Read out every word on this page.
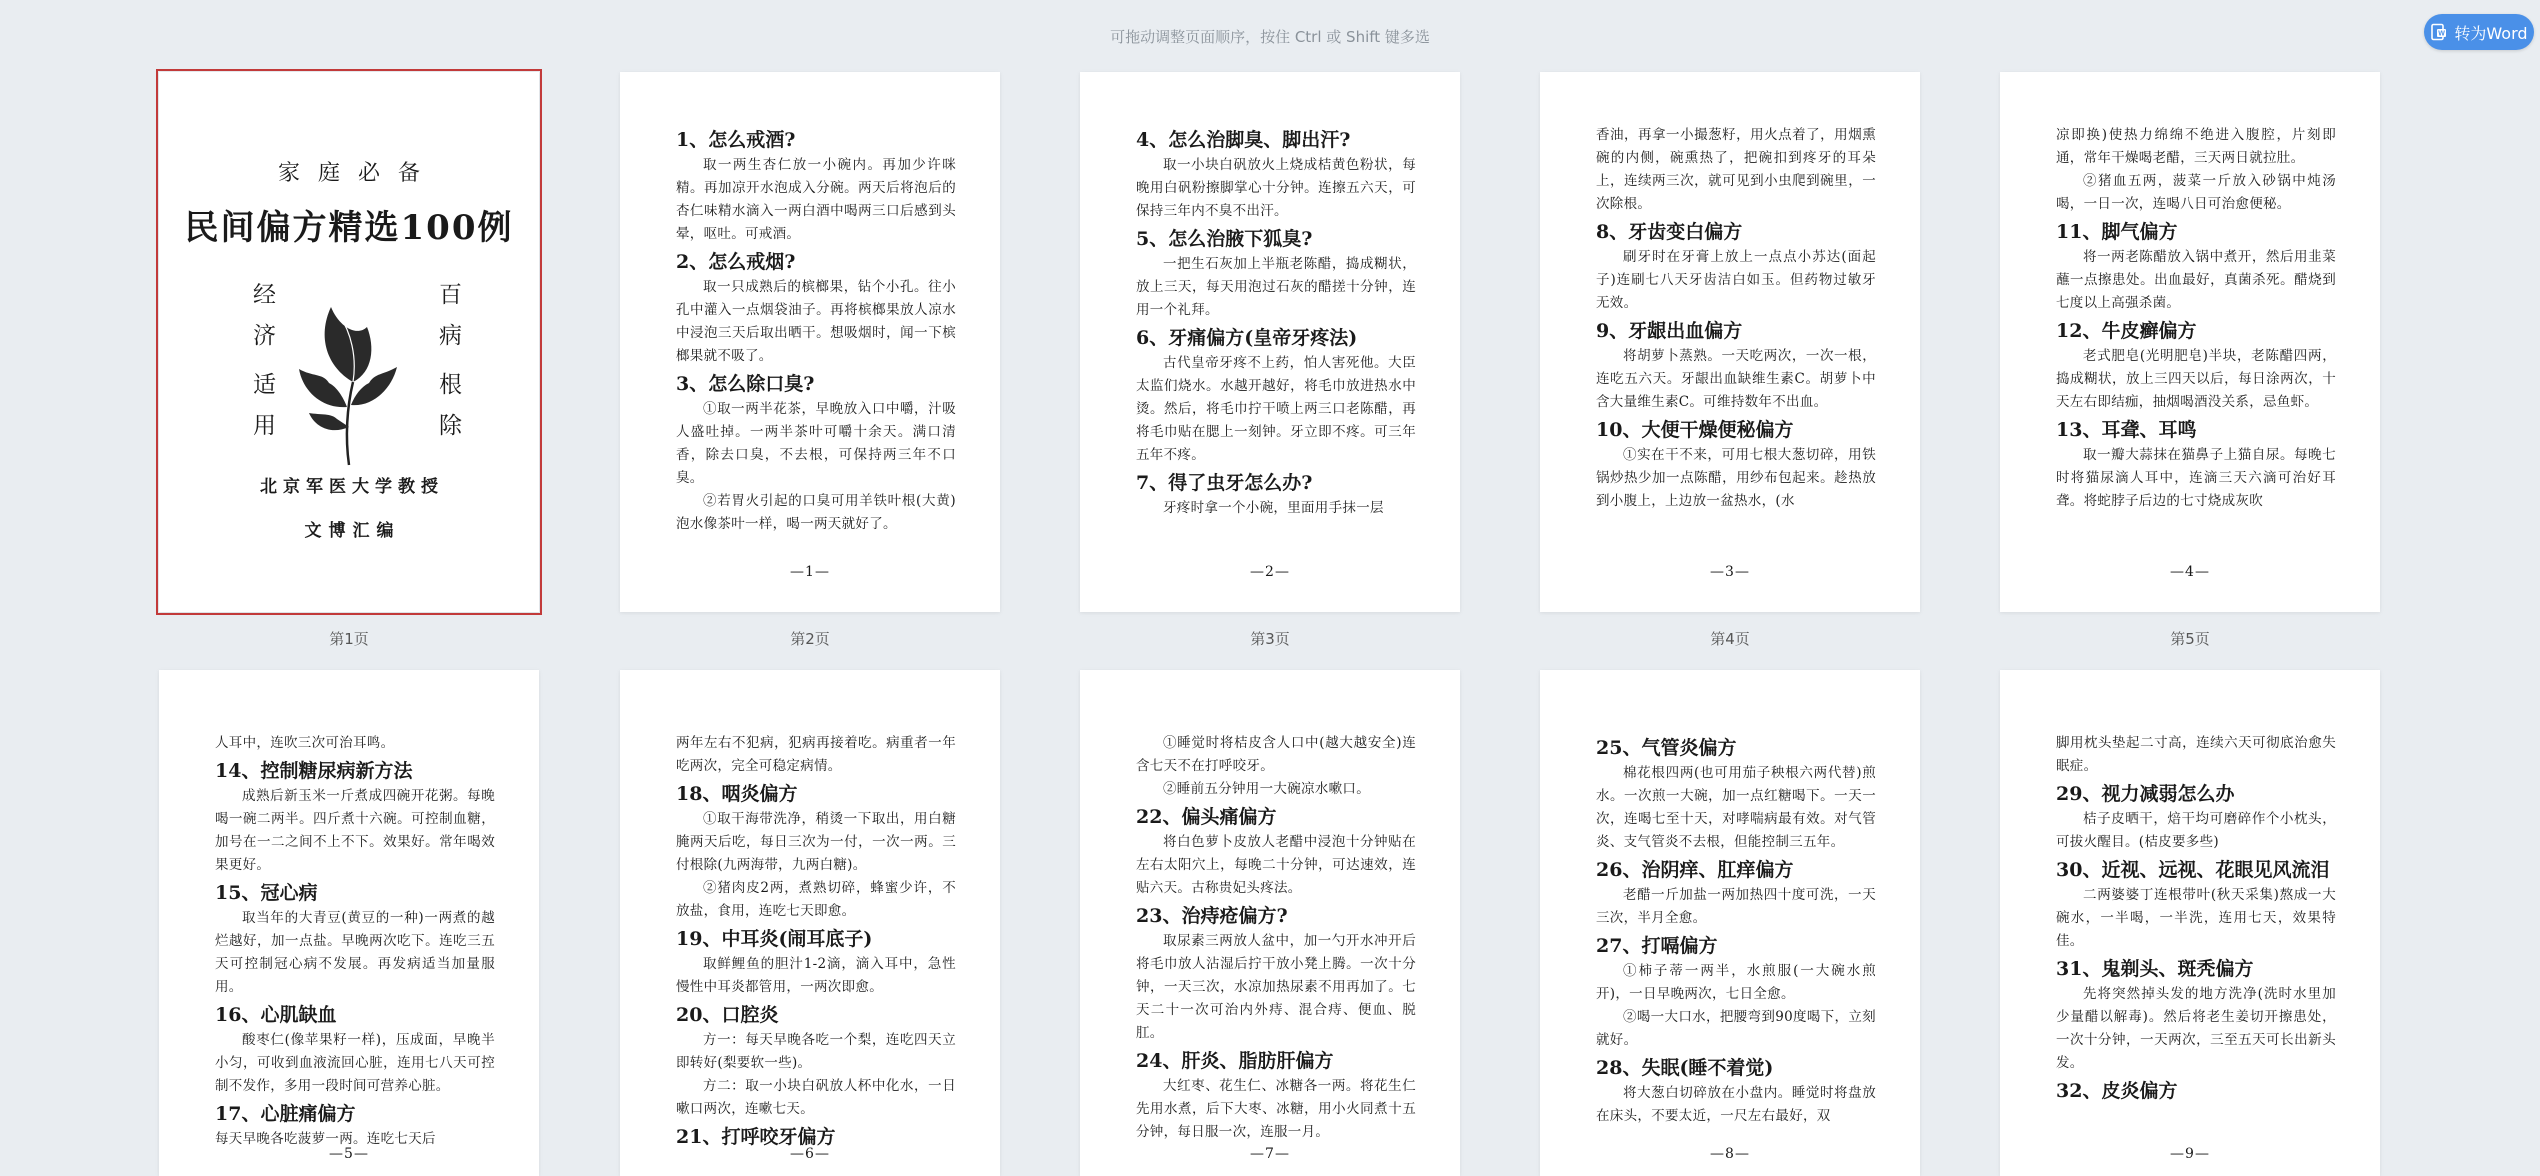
可拖动调整页面顺序，按住 Ctrl 或 Shift 键多选	W 转为Word
家庭必备
民间偏方精选100例
经济
适用
百病
根除
北京军医大学教授
文博汇编
第1页
1、怎么戒酒?
取一两生杏仁放一小碗内。再加少许咪精。再加凉开水泡成入分碗。两天后将泡后的杏仁味精水滴入一两白酒中喝两三口后感到头晕，呕吐。可戒酒。
2、怎么戒烟?
取一只成熟后的槟榔果，钻个小孔。往小孔中灌入一点烟袋油子。再将槟榔果放人凉水中浸泡三天后取出晒干。想吸烟时，闻一下槟榔果就不吸了。
3、怎么除口臭?
①取一两半花茶，早晚放入口中嚼，汁吸人盛吐掉。一两半茶叶可嚼十余天。满口清香，除去口臭，不去根，可保持两三年不口臭。
②若胃火引起的口臭可用羊铁叶根(大黄)泡水像茶叶一样，喝一两天就好了。
—1—
第2页
4、怎么治脚臭、脚出汗?
取一小块白矾放火上烧成桔黄色粉状，每晚用白矾粉擦脚掌心十分钟。连擦五六天，可保持三年内不臭不出汗。
5、怎么治腋下狐臭?
一把生石灰加上半瓶老陈醋，捣成糊状，放上三天，每天用泡过石灰的醋搓十分钟，连用一个礼拜。
6、牙痛偏方(皇帝牙疼法)
古代皇帝牙疼不上药，怕人害死他。大臣太监们烧水。水越开越好，将毛巾放进热水中烫。然后，将毛巾拧干喷上两三口老陈醋，再将毛巾贴在腮上一刻钟。牙立即不疼。可三年五年不疼。
7、得了虫牙怎么办?
牙疼时拿一个小碗，里面用手抹一层
—2—
第3页
香油，再拿一小撮葱籽，用火点着了，用烟熏碗的内侧，碗熏热了，把碗扣到疼牙的耳朵上，连续两三次，就可见到小虫爬到碗里，一次除根。
8、牙齿变白偏方
刷牙时在牙膏上放上一点点小苏达(面起子)连刷七八天牙齿洁白如玉。但药物过敏牙无效。
9、牙龈出血偏方
将胡萝卜蒸熟。一天吃两次，一次一根，连吃五六天。牙龈出血缺维生素C。胡萝卜中含大量维生素C。可维持数年不出血。
10、大便干燥便秘偏方
①实在干不来，可用七根大葱切碎，用铁锅炒热少加一点陈醋，用纱布包起来。趁热放到小腹上，上边放一盆热水，(水
—3—
第4页
凉即换)使热力绵绵不绝进入腹腔，片刻即通，常年干燥喝老醋，三天两日就拉肚。
②猪血五两，菠菜一斤放入砂锅中炖汤喝，一日一次，连喝八日可治愈便秘。
11、脚气偏方
将一两老陈醋放入锅中煮开，然后用韭菜蘸一点擦患处。出血最好，真菌杀死。醋烧到七度以上高强杀菌。
12、牛皮癣偏方
老式肥皂(光明肥皂)半块，老陈醋四两，捣成糊状，放上三四天以后，每日涂两次，十天左右即结痂，抽烟喝酒没关系，忌鱼虾。
13、耳聋、耳鸣
取一瓣大蒜抹在猫鼻子上猫自尿。每晚七时将猫尿滴人耳中，连滴三天六滴可治好耳聋。将蛇脖子后边的七寸烧成灰吹
—4—
第5页
人耳中，连吹三次可治耳鸣。
14、控制糖尿病新方法
成熟后新玉米一斤煮成四碗开花粥。每晚喝一碗二两半。四斤煮十六碗。可控制血糖，加号在一二之间不上不下。效果好。常年喝效果更好。
15、冠心病
取当年的大青豆(黄豆的一种)一两煮的越烂越好，加一点盐。早晚两次吃下。连吃三五天可控制冠心病不发展。再发病适当加量服用。
16、心肌缺血
酸枣仁(像苹果籽一样)，压成面，早晚半小匀，可收到血液流回心脏，连用七八天可控制不发作，多用一段时间可营养心脏。
17、心脏痛偏方
每天早晚各吃菠萝一两。连吃七天后
—5—
两年左右不犯病，犯病再接着吃。病重者一年吃两次，完全可稳定病情。
18、咽炎偏方
①取干海带洗净，稍烫一下取出，用白糖腌两天后吃，每日三次为一付，一次一两。三付根除(九两海带，九两白糖)。
②猪肉皮2两，煮熟切碎，蜂蜜少许，不放盐，食用，连吃七天即愈。
19、中耳炎(闹耳底子)
取鲜鲤鱼的胆汁1-2滴，滴入耳中，急性慢性中耳炎都管用，一两次即愈。
20、口腔炎
方一：每天早晚各吃一个梨，连吃四天立即转好(梨要软一些)。
方二：取一小块白矾放人杯中化水，一日嗽口两次，连嗽七天。
21、打呼咬牙偏方
—6—
①睡觉时将桔皮含人口中(越大越安全)连含七天不在打呼咬牙。
②睡前五分钟用一大碗凉水嗽口。
22、偏头痛偏方
将白色萝卜皮放人老醋中浸泡十分钟贴在左右太阳穴上，每晚二十分钟，可达速效，连贴六天。古称贵妃头疼法。
23、治痔疮偏方?
取尿素三两放人盆中，加一勺开水冲开后将毛巾放人沾湿后拧干放小凳上腾。一次十分钟，一天三次，水凉加热尿素不用再加了。七天二十一次可治内外痔、混合痔、便血、脱肛。
24、肝炎、脂肪肝偏方
大红枣、花生仁、冰糖各一两。将花生仁先用水煮，后下大枣、冰糖，用小火同煮十五分钟，每日服一次，连服一月。
—7—
25、气管炎偏方
棉花根四两(也可用茄子秧根六两代替)煎水。一次煎一大碗，加一点红糖喝下。一天一次，连喝七至十天，对哮喘病最有效。对气管炎、支气管炎不去根，但能控制三五年。
26、治阴痒、肛痒偏方
老醋一斤加盐一两加热四十度可洗，一天三次，半月全愈。
27、打嗝偏方
①柿子蒂一两半，水煎服(一大碗水煎开)，一日早晚两次，七日全愈。
②喝一大口水，把腰弯到90度喝下，立刻就好。
28、失眠(睡不着觉)
将大葱白切碎放在小盘内。睡觉时将盘放在床头，不要太近，一尺左右最好，双
—8—
脚用枕头垫起二寸高，连续六天可彻底治愈失眠症。
29、视力减弱怎么办
桔子皮晒干，焙干均可磨碎作个小枕头，可拔火醒目。(桔皮要多些)
30、近视、远视、花眼见风流泪
二两婆婆丁连根带叶(秋天采集)熬成一大碗水，一半喝，一半洗，连用七天，效果特佳。
31、鬼剃头、斑秃偏方
先将突然掉头发的地方洗净(洗时水里加少量醋以解毒)。然后将老生姜切开擦患处，一次十分钟，一天两次，三至五天可长出新头发。
32、皮炎偏方
—9—
